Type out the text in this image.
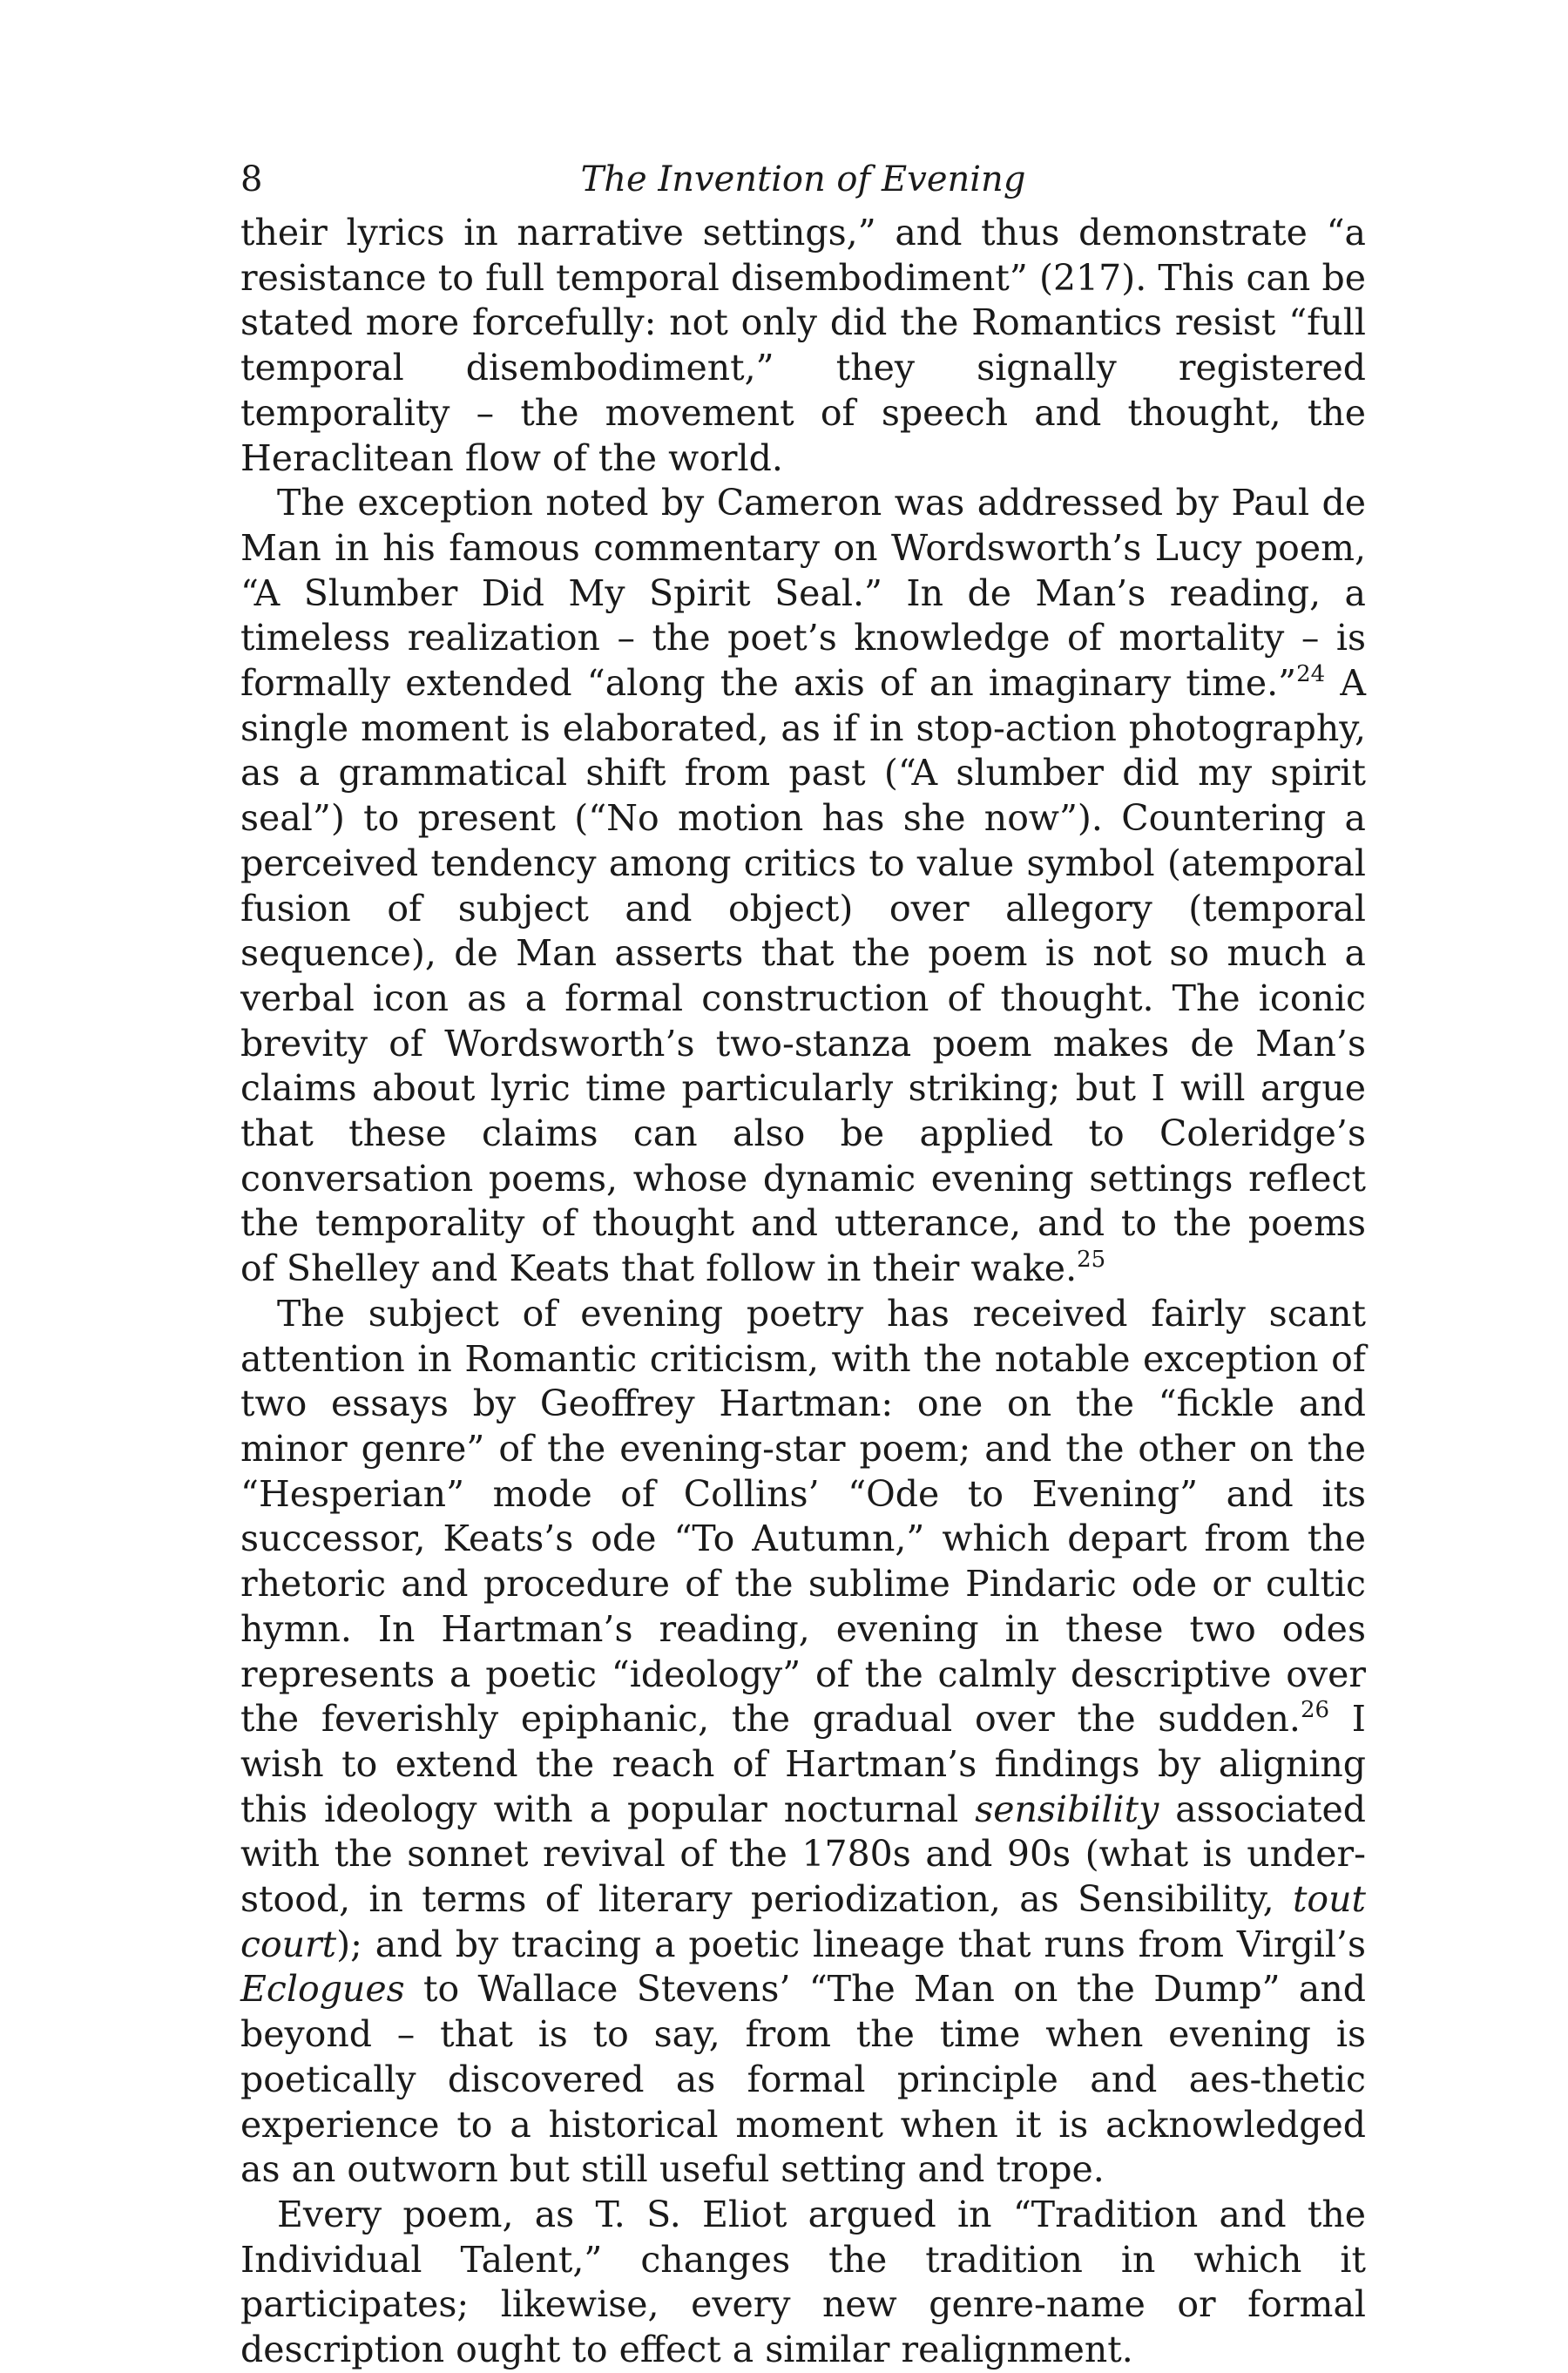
8	The Invention of Evening

their lyrics in narrative settings,” and thus demonstrate “a resistance to full temporal disembodiment” (217). This can be stated more forcefully: not only did the Romantics resist “full temporal disembodiment,” they signally registered temporality – the movement of speech and thought, the Heraclitean flow of the world.

The exception noted by Cameron was addressed by Paul de Man in his famous commentary on Wordsworth’s Lucy poem, “A Slumber Did My Spirit Seal.” In de Man’s reading, a timeless realization – the poet’s knowledge of mortality – is formally extended “along the axis of an imaginary time.”$^{24}$ A single moment is elaborated, as if in stop-action photography, as a grammatical shift from past (“A slumber did my spirit seal”) to present (“No motion has she now”). Countering a perceived tendency among critics to value symbol (atemporal fusion of subject and object) over allegory (temporal sequence), de Man asserts that the poem is not so much a verbal icon as a formal construction of thought. The iconic brevity of Wordsworth’s two-stanza poem makes de Man’s claims about lyric time particularly striking; but I will argue that these claims can also be applied to Coleridge’s conversation poems, whose dynamic evening settings reflect the temporality of thought and utterance, and to the poems of Shelley and Keats that follow in their wake.$^{25}$

The subject of evening poetry has received fairly scant attention in Romantic criticism, with the notable exception of two essays by Geoffrey Hartman: one on the “fickle and minor genre” of the evening-star poem; and the other on the “Hesperian” mode of Collins’ “Ode to Evening” and its successor, Keats’s ode “To Autumn,” which depart from the rhetoric and procedure of the sublime Pindaric ode or cultic hymn. In Hartman’s reading, evening in these two odes represents a poetic “ideology” of the calmly descriptive over the feverishly epiphanic, the gradual over the sudden.$^{26}$ I wish to extend the reach of Hartman’s findings by aligning this ideology with a popular nocturnal sensibility associated with the sonnet revival of the 1780s and 90s (what is under-stood, in terms of literary periodization, as Sensibility, tout court); and by tracing a poetic lineage that runs from Virgil’s Eclogues to Wallace Stevens’ “The Man on the Dump” and beyond – that is to say, from the time when evening is poetically discovered as formal principle and aes-thetic experience to a historical moment when it is acknowledged as an outworn but still useful setting and trope.

Every poem, as T. S. Eliot argued in “Tradition and the Individual Talent,” changes the tradition in which it participates; likewise, every new genre-name or formal description ought to effect a similar realignment.
